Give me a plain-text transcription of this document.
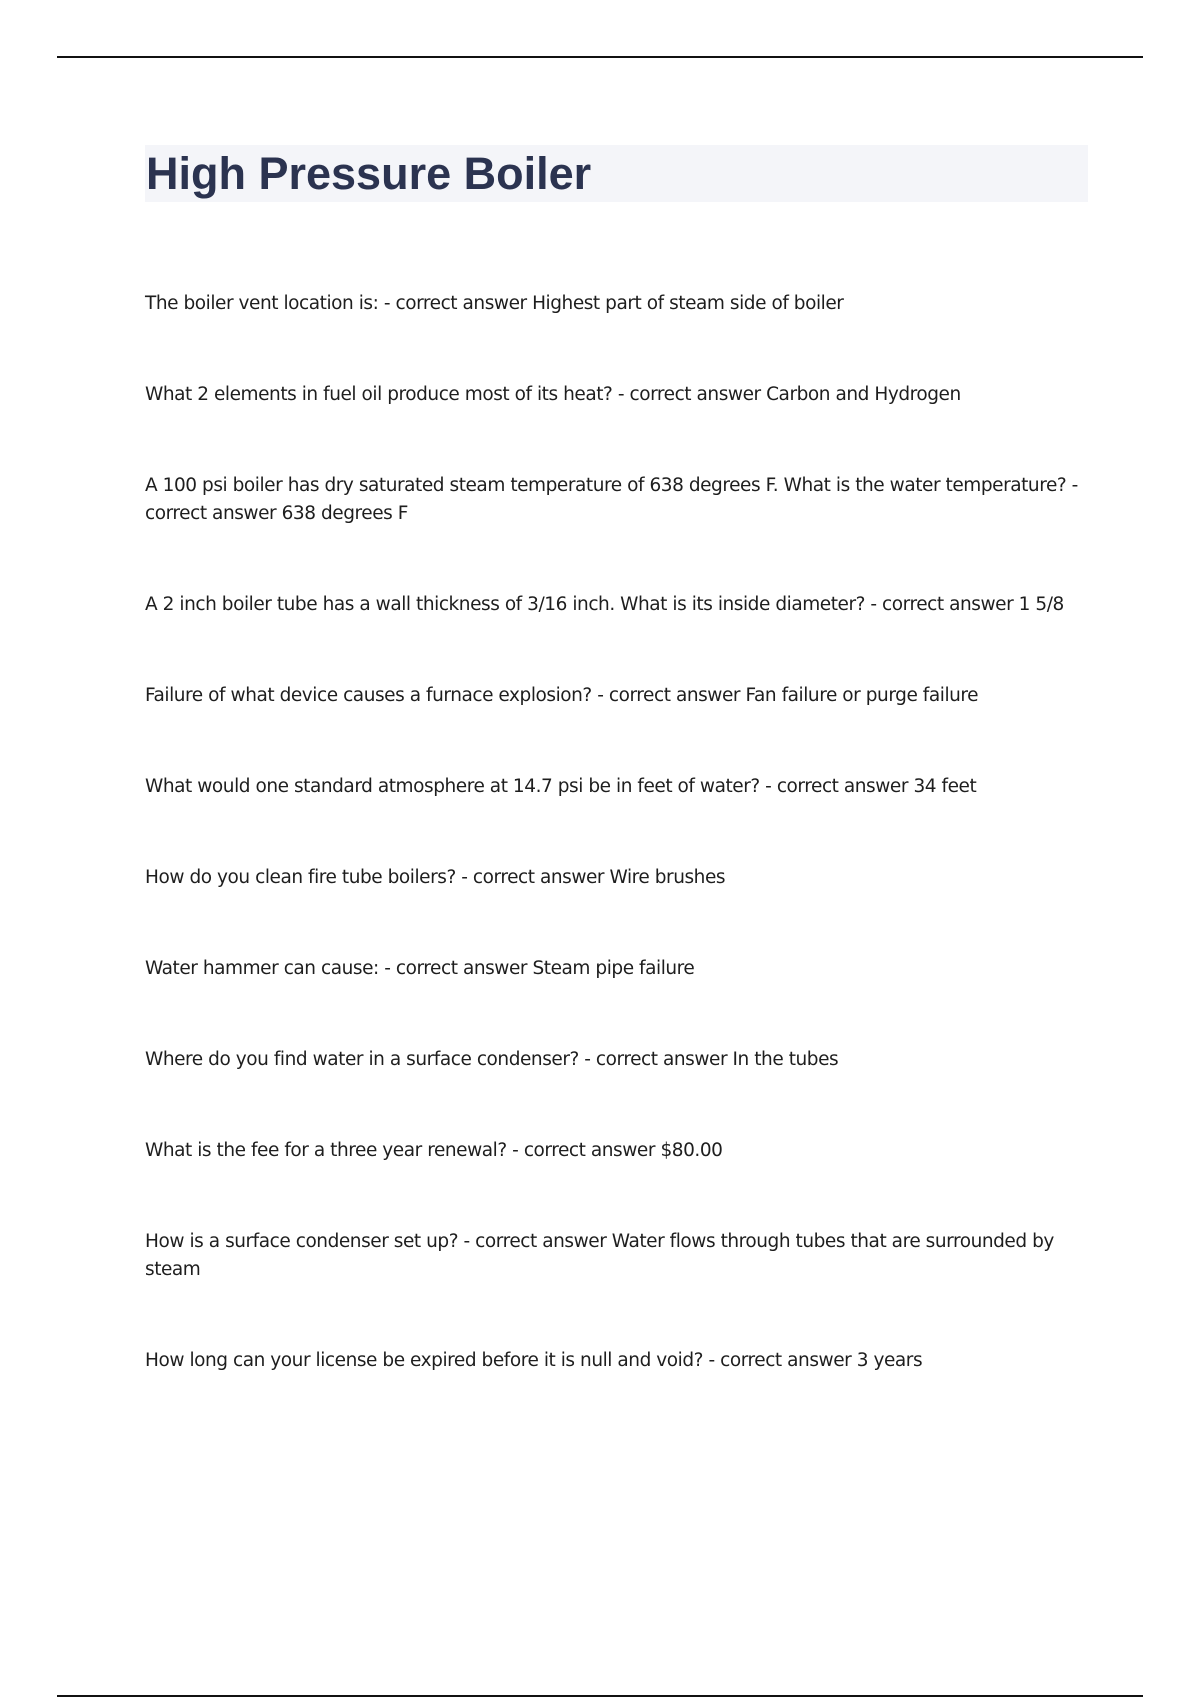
High Pressure Boiler
The boiler vent location is: - correct answer Highest part of steam side of boiler
What 2 elements in fuel oil produce most of its heat? - correct answer Carbon and Hydrogen
A 100 psi boiler has dry saturated steam temperature of 638 degrees F. What is the water temperature? - correct answer 638 degrees F
A 2 inch boiler tube has a wall thickness of 3/16 inch. What is its inside diameter? - correct answer 1 5/8
Failure of what device causes a furnace explosion? - correct answer Fan failure or purge failure
What would one standard atmosphere at 14.7 psi be in feet of water? - correct answer 34 feet
How do you clean fire tube boilers? - correct answer Wire brushes
Water hammer can cause: - correct answer Steam pipe failure
Where do you find water in a surface condenser? - correct answer In the tubes
What is the fee for a three year renewal? - correct answer $80.00
How is a surface condenser set up? - correct answer Water flows through tubes that are surrounded by steam
How long can your license be expired before it is null and void? - correct answer 3 years
